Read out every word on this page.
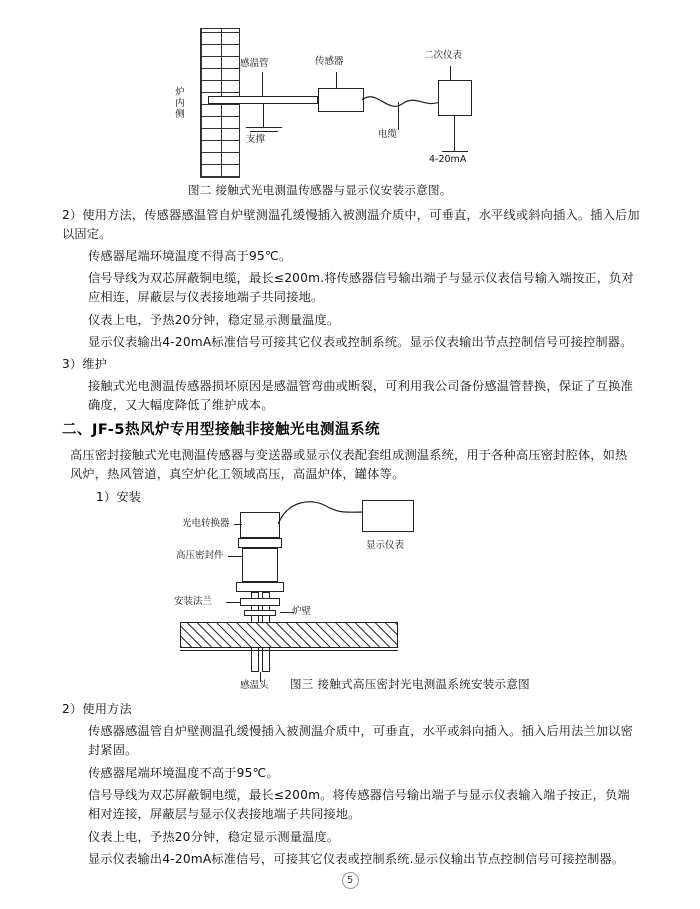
炉内侧
感温管	传感器
二次仪表
电缆
支撑
4-20mA
图二 接触式光电测温传感器与显示仪安装示意图。
2）使用方法，传感器感温管自炉壁测温孔缓慢插入被测温介质中，可垂直，水平线或斜向插入。插入后加以固定。
传感器尾端环境温度不得高于95℃。
信号导线为双芯屏蔽铜电缆，最长≤200m.将传感器信号输出端子与显示仪表信号输入端按正，负对应相连，屏蔽层与仪表接地端子共同接地。
仪表上电，予热20分钟，稳定显示测量温度。
显示仪表输出4-20mA标准信号可接其它仪表或控制系统。显示仪表输出节点控制信号可接控制器。
3）维护
接触式光电测温传感器损坏原因是感温管弯曲或断裂，可利用我公司备份感温管替换，保证了互换准确度，又大幅度降低了维护成本。
二、JF-5热风炉专用型接触非接触光电测温系统
高压密封接触式光电测温传感器与变送器或显示仪表配套组成测温系统，用于各种高压密封腔体，如热风炉，热风管道，真空炉化工领域高压，高温炉体，罐体等。
1）安装
光电转换器
高压密封件
显示仪表
安装法兰
炉壁
感温头 图三 接触式高压密封光电测温系统安装示意图
2）使用方法
传感器感温管自炉壁测温孔缓慢插入被测温介质中，可垂直，水平或斜向插入。插入后用法兰加以密封紧固。
传感器尾端环境温度不高于95℃。
信号导线为双芯屏蔽铜电缆，最长≤200m。将传感器信号输出端子与显示仪表输入端子按正，负端相对连接，屏蔽层与显示仪表接地端子共同接地。
仪表上电，予热20分钟，稳定显示测量温度。
显示仪表输出4-20mA标准信号，可接其它仪表或控制系统.显示仪输出节点控制信号可接控制器。
5
